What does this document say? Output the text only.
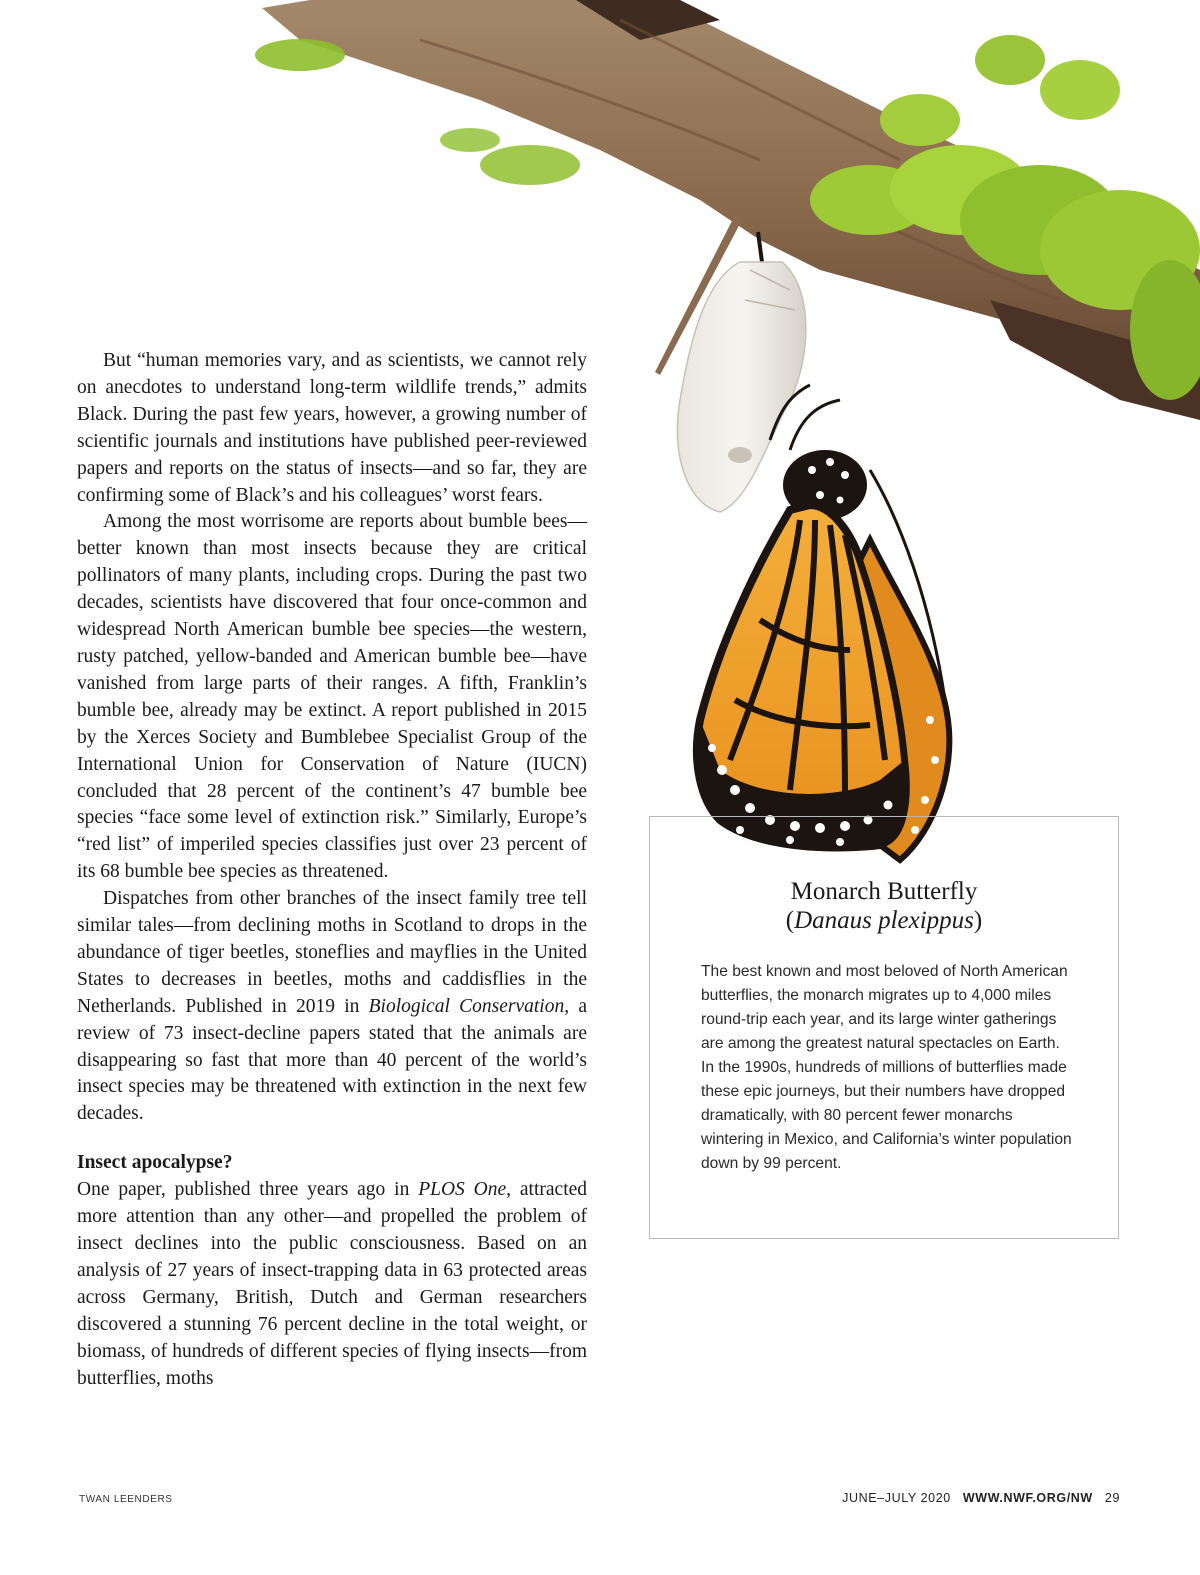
But “human memories vary, and as scientists, we cannot rely on anecdotes to understand long-term wildlife trends,” admits Black. During the past few years, however, a growing number of scientific journals and institutions have published peer-reviewed papers and reports on the status of insects—and so far, they are confirming some of Black’s and his colleagues’ worst fears.

Among the most worrisome are reports about bumble bees—better known than most insects because they are critical pollinators of many plants, including crops. During the past two decades, scientists have discovered that four once-common and widespread North American bumble bee species—the western, rusty patched, yellow-banded and American bumble bee—have vanished from large parts of their ranges. A fifth, Franklin’s bumble bee, already may be extinct. A report published in 2015 by the Xerces Society and Bumblebee Specialist Group of the International Union for Conservation of Nature (IUCN) concluded that 28 percent of the continent’s 47 bumble bee species “face some level of extinction risk.” Similarly, Europe’s “red list” of imperiled species classifies just over 23 percent of its 68 bumble bee species as threatened.

Dispatches from other branches of the insect family tree tell similar tales—from declining moths in Scotland to drops in the abundance of tiger beetles, stoneflies and mayflies in the United States to decreases in beetles, moths and caddisflies in the Netherlands. Published in 2019 in Biological Conservation, a review of 73 insect-decline papers stated that the animals are disappearing so fast that more than 40 percent of the world’s insect species may be threatened with extinction in the next few decades.

Insect apocalypse?

One paper, published three years ago in PLOS One, attracted more attention than any other—and propelled the problem of insect declines into the public consciousness. Based on an analysis of 27 years of insect-trapping data in 63 protected areas across Germany, British, Dutch and German researchers discovered a stunning 76 percent decline in the total weight, or biomass, of hundreds of different species of flying insects—from butterflies, moths

Monarch Butterfly
(Danaus plexippus)
The best known and most beloved of North American butterflies, the monarch migrates up to 4,000 miles round-trip each year, and its large winter gatherings are among the greatest natural spectacles on Earth. In the 1990s, hundreds of millions of butterflies made these epic journeys, but their numbers have dropped dramatically, with 80 percent fewer monarchs wintering in Mexico, and California’s winter population down by 99 percent.
TWAN LEENDERS	JUNE–JULY 2020 WWW.NWF.ORG/NW 29
